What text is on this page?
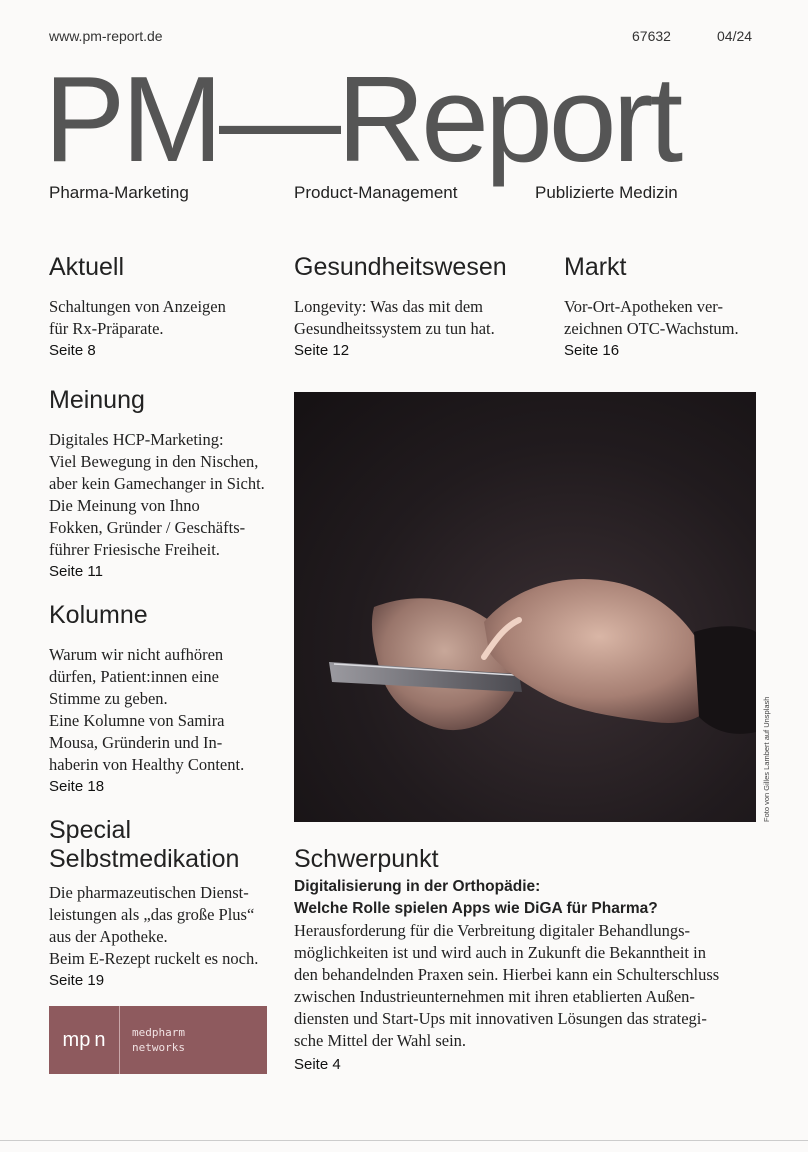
www.pm-report.de	67632	04/24
PM—Report
Pharma-Marketing	Product-Management	Publizierte Medizin
Aktuell
Schaltungen von Anzeigen
für Rx-Präparate.
Seite 8
Gesundheitswesen
Longevity: Was das mit dem
Gesundheitssystem zu tun hat.
Seite 12
Markt
Vor-Ort-Apotheken ver-
zeichnen OTC-Wachstum.
Seite 16
Meinung
Digitales HCP-Marketing:
Viel Bewegung in den Nischen,
aber kein Gamechanger in Sicht.
Die Meinung von Ihno
Fokken, Gründer / Geschäfts-
führer Friesische Freiheit.
Seite 11
Kolumne
Warum wir nicht aufhören
dürfen, Patient:innen eine
Stimme zu geben.
Eine Kolumne von Samira
Mousa, Gründerin und In-
haberin von Healthy Content.
Seite 18
Special
Selbstmedikation
Die pharmazeutischen Dienst-
leistungen als „das große Plus“
aus der Apotheke.
Beim E-Rezept ruckelt es noch.
Seite 19
Foto von Gilles Lambert auf Unsplash
Schwerpunkt
Digitalisierung in der Orthopädie:
Welche Rolle spielen Apps wie DiGA für Pharma?
Herausforderung für die Verbreitung digitaler Behandlungs-
möglichkeiten ist und wird auch in Zukunft die Bekanntheit in
den behandelnden Praxen sein. Hierbei kann ein Schulterschluss
zwischen Industrieunternehmen mit ihren etablierten Außen-
diensten und Start-Ups mit innovativen Lösungen das strategi-
sche Mittel der Wahl sein.
Seite 4
mp n	medpharm
networks
